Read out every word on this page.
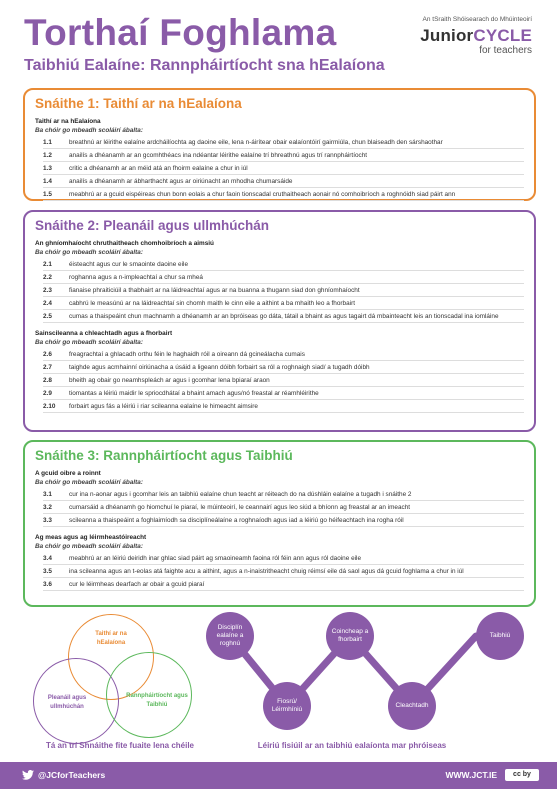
Torthaí Foghlama
Taibhiú Ealaíne: Rannpháirtíocht sna hEalaíona
An tSraith Shóisearach do Mhúinteoirí
JuniorCYCLE
for teachers
Snáithe 1: Taithí ar na hEalaíona
Taithí ar na hEalaíona
Ba chóir go mbeadh scoláirí ábalta:
1.1	breathnú ar léirithe ealaíne ardcháilíochta ag daoine eile, lena n-áirítear obair ealaíontóirí gairmiúla, chun blaiseadh den sárshaothar
1.2	anailís a dhéanamh ar an gcomhthéacs ina ndéantar léirithe ealaíne trí bhreathnú agus trí rannpháirtíocht
1.3	critic a dhéanamh ar an méid atá an fhoirm ealaíne a chur in iúl
1.4	anailís a dhéanamh ar ábharthacht agus ar oiriúnacht an mhodha chumarsáide
1.5	meabhrú ar a gcuid eispéireas chun bonn eolais a chur faoin tionscadal cruthaitheach aonair nó comhoibríoch a roghnóidh siad páirt ann
Snáithe 2: Pleanáil agus ullmhúchán
An ghníomhaíocht chruthaitheach chomhoibríoch a aimsiú
Ba chóir go mbeadh scoláirí ábalta:
2.1	éisteacht agus cur le smaointe daoine eile
2.2	roghanna agus a n-impleachtaí a chur sa mheá
2.3	fianaise phraiticiúil a thabhairt ar na láidreachtaí agus ar na buanna a thugann siad don ghníomhaíocht
2.4	cabhrú le measúnú ar na láidreachtaí sin chomh maith le cinn eile a aithint a ba mhaith leo a fhorbairt
2.5	cumas a thaispeáint chun machnamh a dhéanamh ar an bpróiseas go dáta, tátail a bhaint as agus tagairt dá mbainteacht leis an tionscadal ina iomláine
Sainscileanna a chleachtadh agus a fhorbairt
Ba chóir go mbeadh scoláirí ábalta:
2.6	freagrachtaí a ghlacadh orthu féin le haghaidh róil a oireann dá gcineálacha cumais
2.7	taighde agus acmhainní oiriúnacha a úsáid a ligeann dóibh forbairt sa ról a roghnaigh siad/ a tugadh dóibh
2.8	bheith ag obair go neamhspleách ar agus i gcomhar lena bpiaraí araon
2.9	tiomantas a léiriú maidir le spriocdhátaí a bhaint amach agus/nó freastal ar réamhléirithe
2.10	forbairt agus fás a léiriú i riar scileanna ealaíne le himeacht aimsire
Snáithe 3: Rannpháirtíocht agus Taibhiú
A gcuid oibre a roinnt
Ba chóir go mbeadh scoláirí ábalta:
3.1	cur ina n-aonar agus i gcomhar leis an taibhiú ealaíne chun teacht ar réiteach do na dúshláin ealaíne a tugadh i snáithe 2
3.2	cumarsáid a dhéanamh go hiomchuí le piaraí, le múinteoirí, le ceannairí agus leo siúd a bhíonn ag freastal ar an imeacht
3.3	scileanna a thaispeáint a foghlaimíodh sa disciplíneálaíne a roghnaíodh agus iad a léiriú go héifeachtach ina rogha róil
Ag meas agus ag léirmheastóireacht
Ba chóir go mbeadh scoláirí ábalta:
3.4	meabhrú ar an léiriú deiridh inar ghlac siad páirt ag smaoineamh faoina ról féin ann agus ról daoine eile
3.5	ina scileanna agus an t-eolas atá faighte acu a aithint, agus a n-inaistritheacht chuig réimsí eile dá saol agus dá gcuid foghlama a chur in iúl
3.6	cur le léirmheas dearfach ar obair a gcuid piaraí
Taithí ar na hEalaíona
Pleanáil agus ullmhúchán
Rannpháirtíocht agus Taibhiú
Tá an trí Shnáithe fite fuaite lena chéile
Disciplín ealaíne a roghnú
Fiosrú/ Léirmhíniú
Coincheap a fhorbairt
Cleachtadh
Taibhiú
Léiriú fisiúil ar an taibhiú ealaíonta mar phróiseas
@JCforTeachers	WWW.JCT.IE	cc by
